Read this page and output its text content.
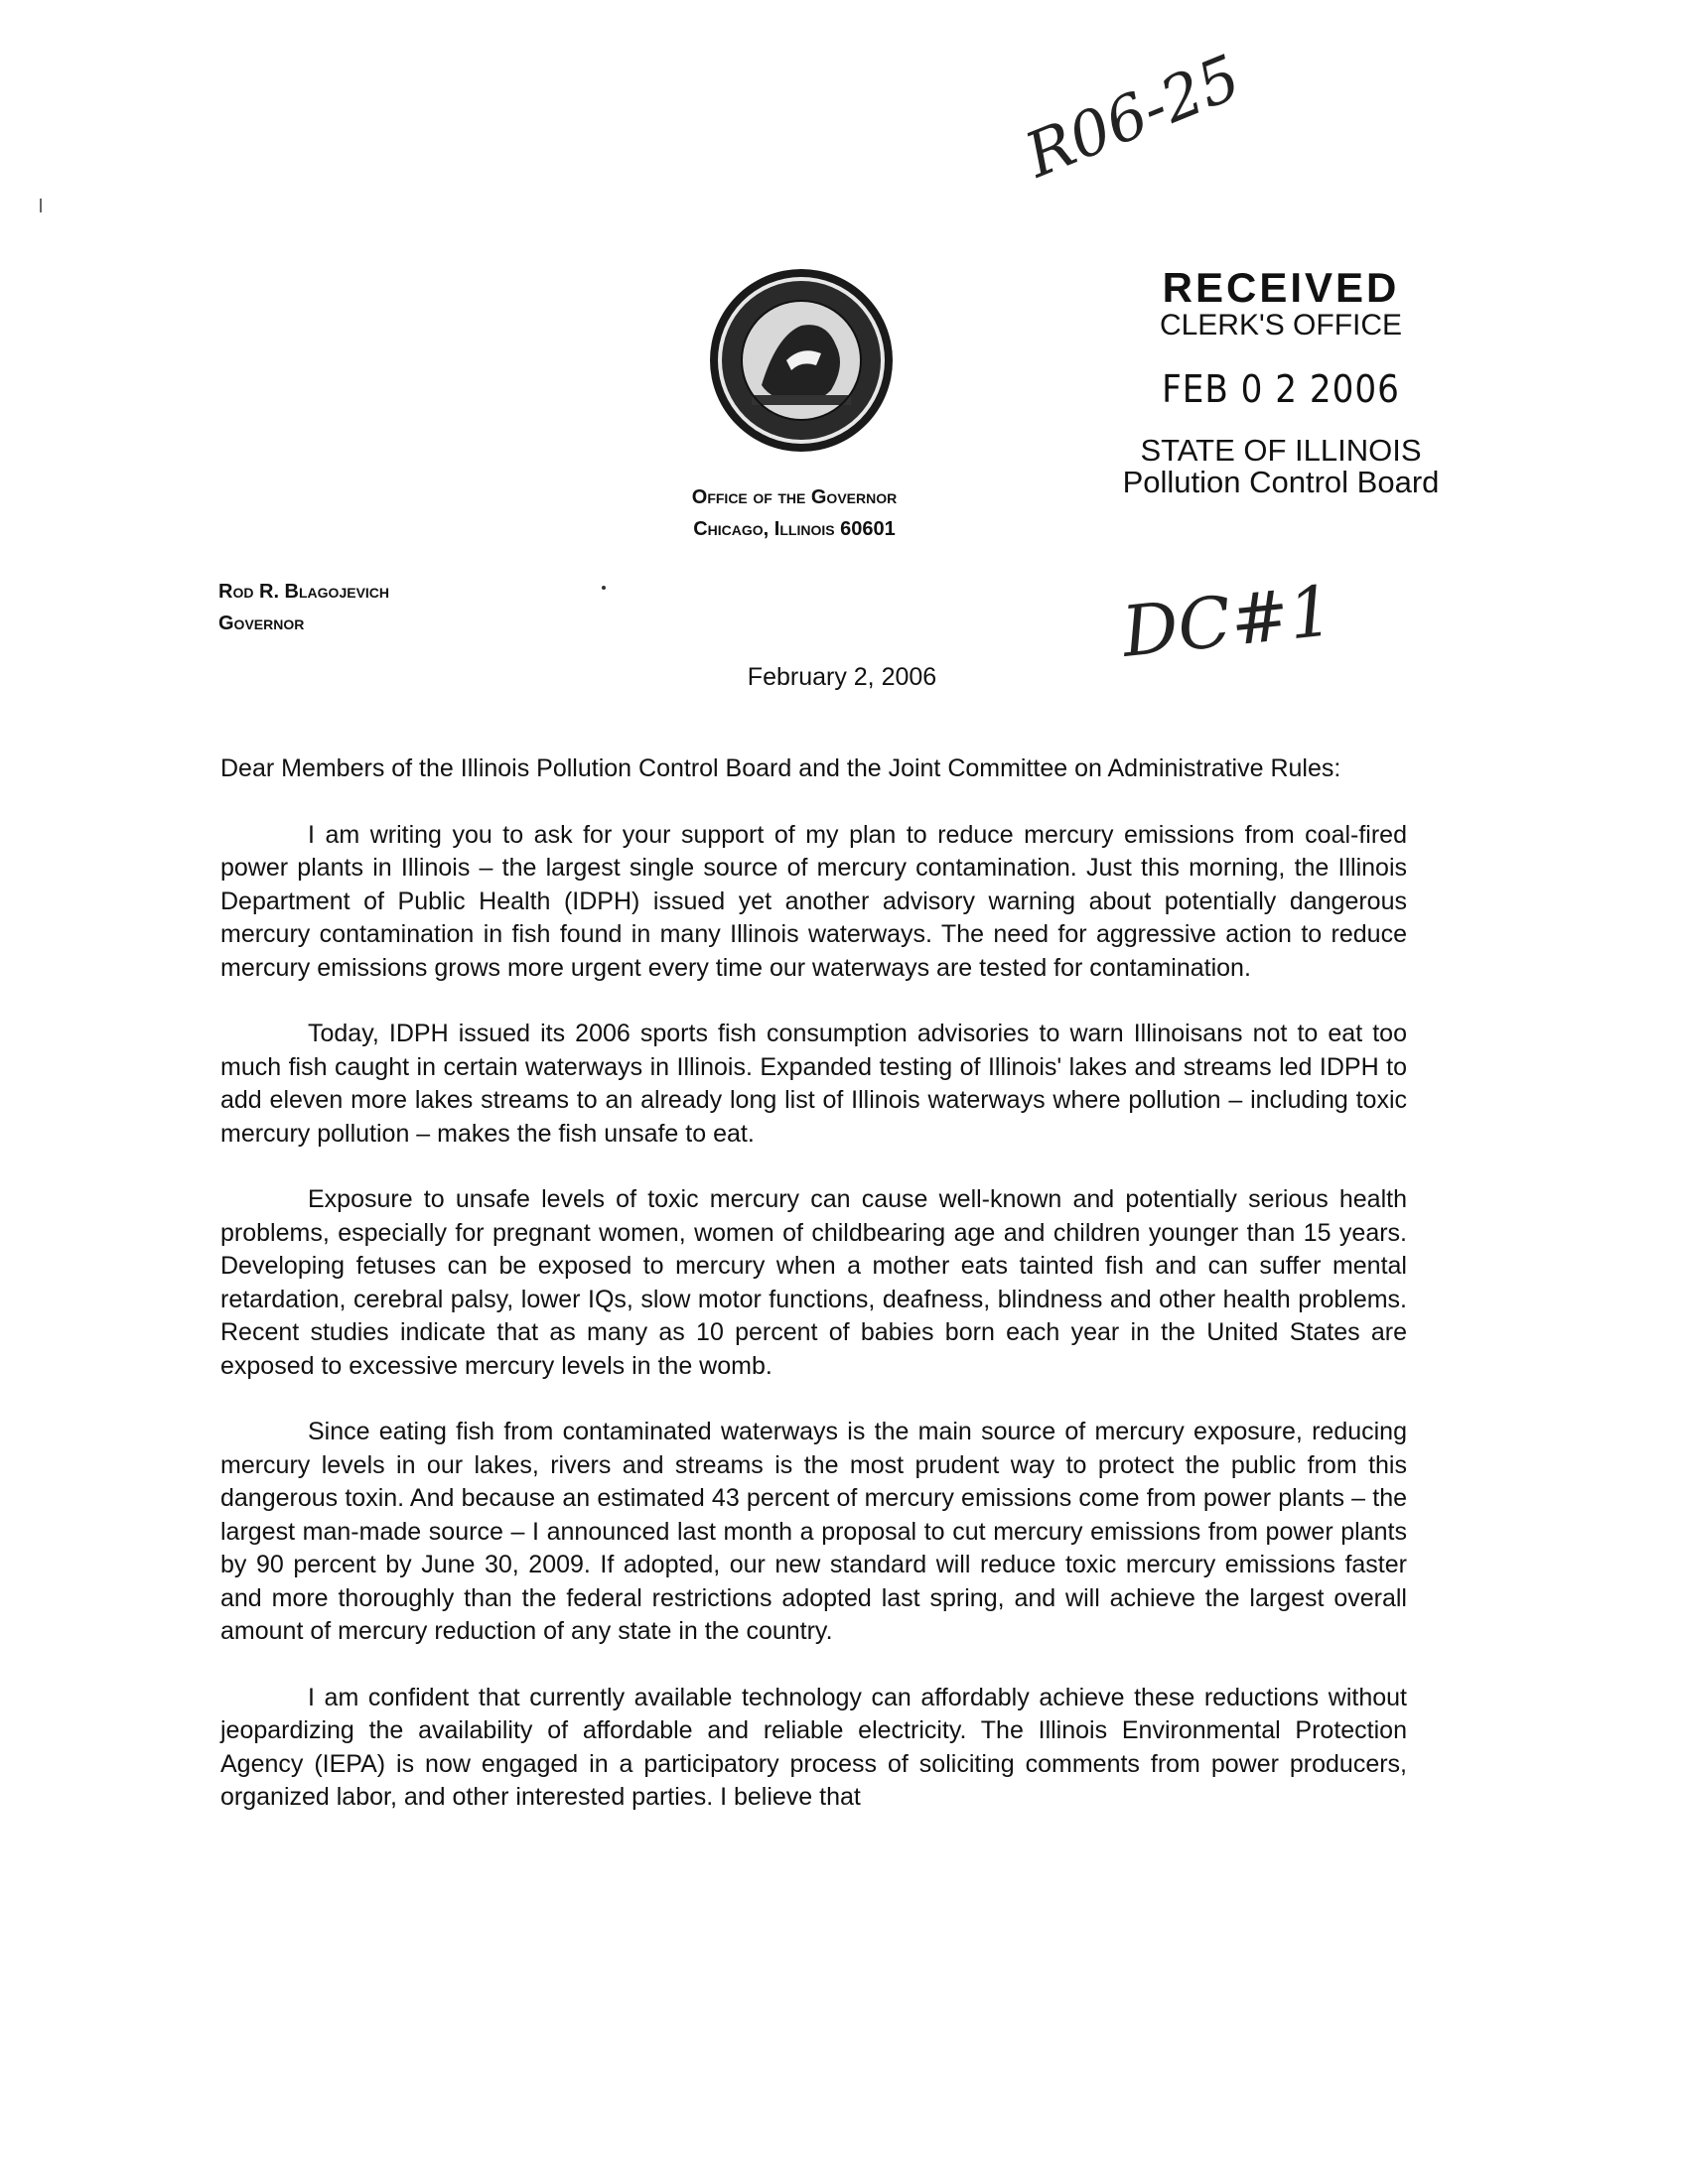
R06-25
RECEIVED
CLERK'S OFFICE
FEB 0 2 2006
STATE OF ILLINOIS
Pollution Control Board
Office of the Governor
Chicago, Illinois 60601
Rod R. Blagojevich
Governor	DC#1
February 2, 2006

Dear Members of the Illinois Pollution Control Board and the Joint Committee on Administrative Rules:

I am writing you to ask for your support of my plan to reduce mercury emissions from coal-fired power plants in Illinois – the largest single source of mercury contamination. Just this morning, the Illinois Department of Public Health (IDPH) issued yet another advisory warning about potentially dangerous mercury contamination in fish found in many Illinois waterways. The need for aggressive action to reduce mercury emissions grows more urgent every time our waterways are tested for contamination.

Today, IDPH issued its 2006 sports fish consumption advisories to warn Illinoisans not to eat too much fish caught in certain waterways in Illinois. Expanded testing of Illinois' lakes and streams led IDPH to add eleven more lakes streams to an already long list of Illinois waterways where pollution – including toxic mercury pollution – makes the fish unsafe to eat.

Exposure to unsafe levels of toxic mercury can cause well-known and potentially serious health problems, especially for pregnant women, women of childbearing age and children younger than 15 years. Developing fetuses can be exposed to mercury when a mother eats tainted fish and can suffer mental retardation, cerebral palsy, lower IQs, slow motor functions, deafness, blindness and other health problems. Recent studies indicate that as many as 10 percent of babies born each year in the United States are exposed to excessive mercury levels in the womb.

Since eating fish from contaminated waterways is the main source of mercury exposure, reducing mercury levels in our lakes, rivers and streams is the most prudent way to protect the public from this dangerous toxin. And because an estimated 43 percent of mercury emissions come from power plants – the largest man-made source – I announced last month a proposal to cut mercury emissions from power plants by 90 percent by June 30, 2009. If adopted, our new standard will reduce toxic mercury emissions faster and more thoroughly than the federal restrictions adopted last spring, and will achieve the largest overall amount of mercury reduction of any state in the country.

I am confident that currently available technology can affordably achieve these reductions without jeopardizing the availability of affordable and reliable electricity. The Illinois Environmental Protection Agency (IEPA) is now engaged in a participatory process of soliciting comments from power producers, organized labor, and other interested parties. I believe that
